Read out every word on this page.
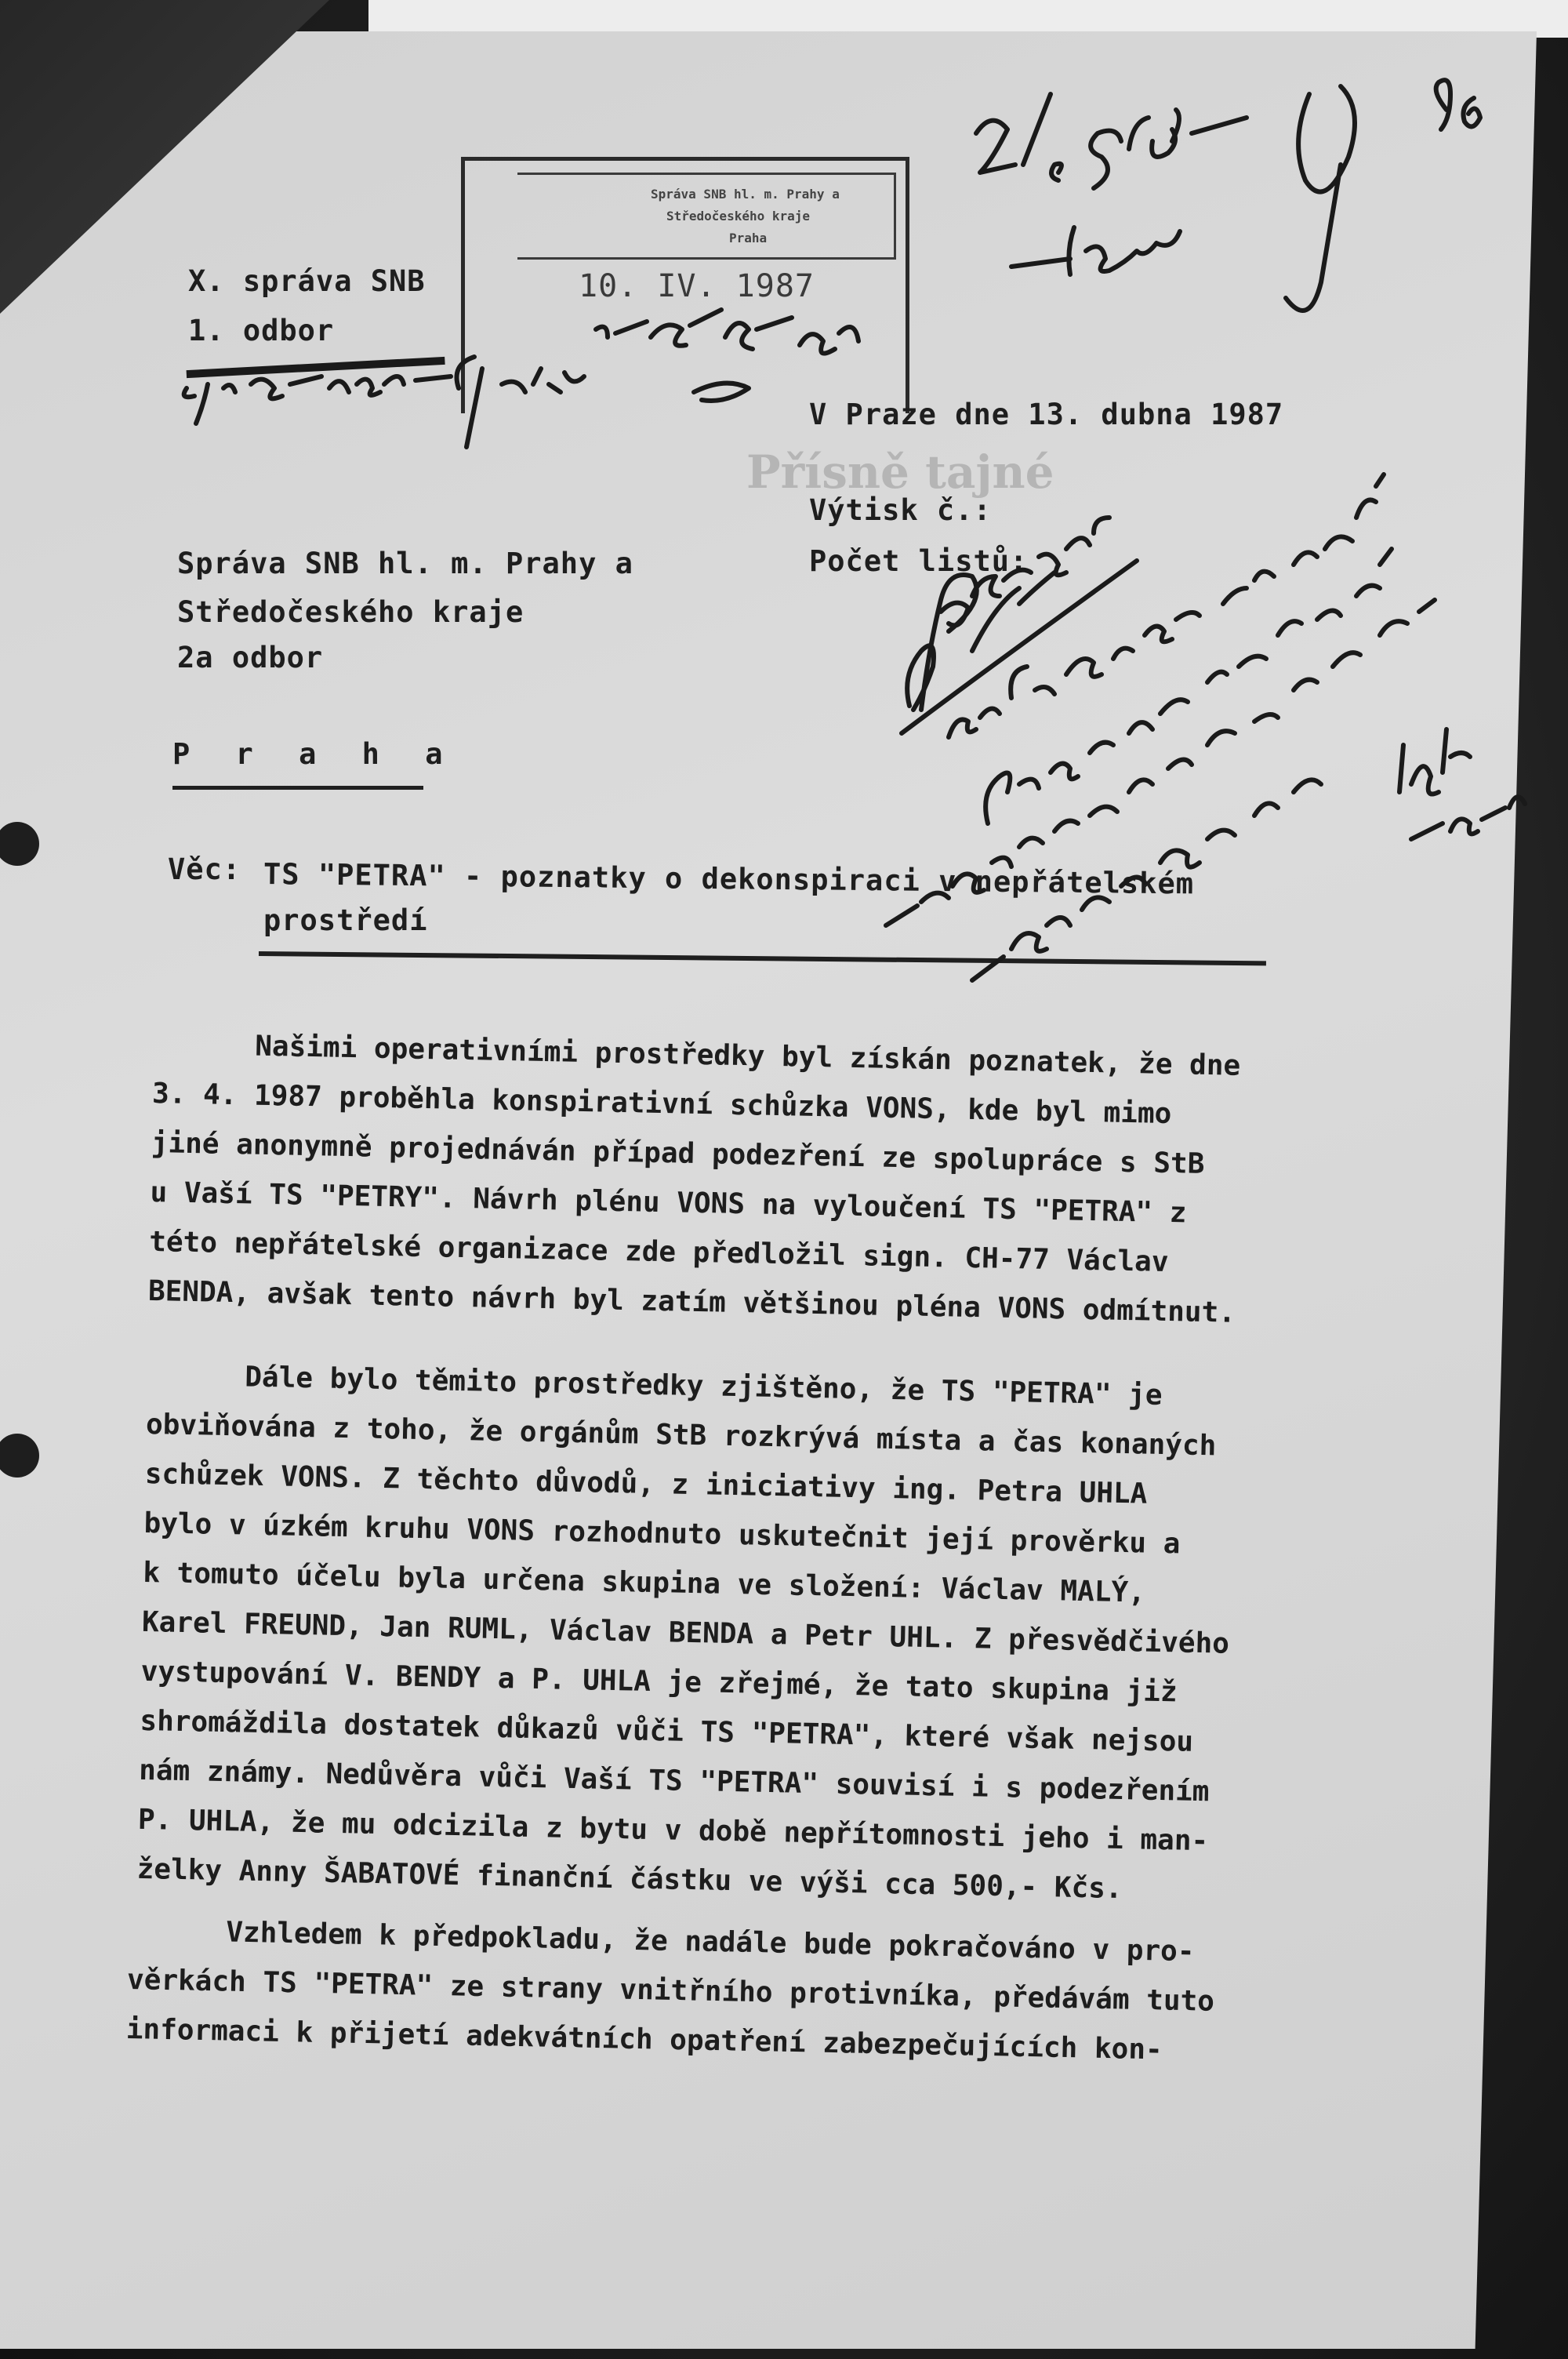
Přísně tajné
Správa SNB hl. m. Prahy a
Středočeského kraje
Praha
10. IV. 1987
X. správa SNB
1. odbor
V Praze dne 13. dubna 1987
Výtisk č.:
Počet listů:
Správa SNB hl. m. Prahy a
Středočeského kraje
2a odbor
P r a h a
Věc: TS "PETRA" - poznatky o dekonspiraci v nepřátelském
prostředí
Našimi operativními prostředky byl získán poznatek, že dne
3. 4. 1987 proběhla konspirativní schůzka VONS, kde byl mimo
jiné anonymně projednáván případ podezření ze spolupráce s StB
u Vaší TS "PETRY". Návrh plénu VONS na vyloučení TS "PETRA" z
této nepřátelské organizace zde předložil sign. CH-77 Václav
BENDA, avšak tento návrh byl zatím většinou pléna VONS odmítnut.
Dále bylo těmito prostředky zjištěno, že TS "PETRA" je
obviňována z toho, že orgánům StB rozkrývá místa a čas konaných
schůzek VONS. Z těchto důvodů, z iniciativy ing. Petra UHLA
bylo v úzkém kruhu VONS rozhodnuto uskutečnit její prověrku a
k tomuto účelu byla určena skupina ve složení: Václav MALÝ,
Karel FREUND, Jan RUML, Václav BENDA a Petr UHL. Z přesvědčivého
vystupování V. BENDY a P. UHLA je zřejmé, že tato skupina již
shromáždila dostatek důkazů vůči TS "PETRA", které však nejsou
nám známy. Nedůvěra vůči Vaší TS "PETRA" souvisí i s podezřením
P. UHLA, že mu odcizila z bytu v době nepřítomnosti jeho i man-
želky Anny ŠABATOVÉ finanční částku ve výši cca 500,- Kčs.
Vzhledem k předpokladu, že nadále bude pokračováno v pro-
věrkách TS "PETRA" ze strany vnitřního protivníka, předávám tuto
informaci k přijetí adekvátních opatření zabezpečujících kon-
